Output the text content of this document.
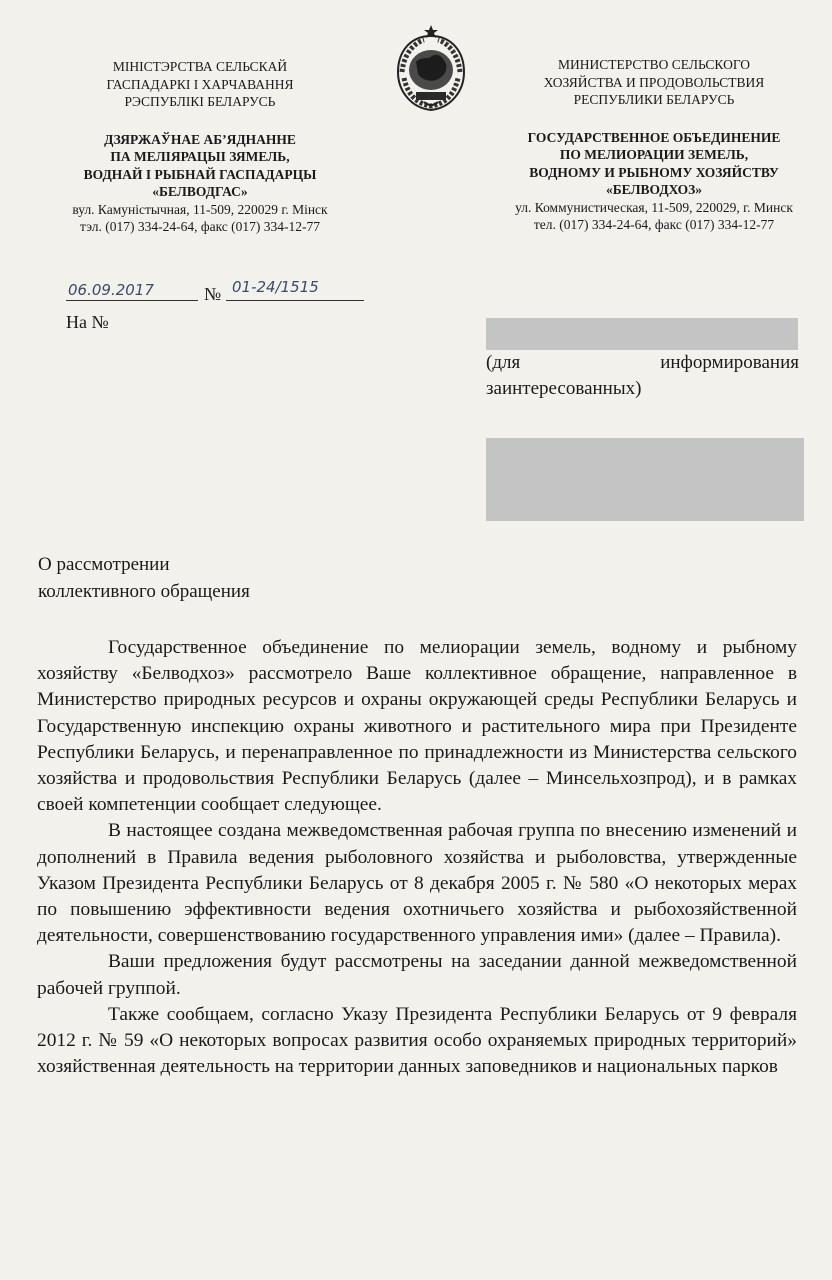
МІНІСТЭРСТВА СЕЛЬСКАЙ
ГАСПАДАРКІ І ХАРЧАВАННЯ
РЭСПУБЛІКІ БЕЛАРУСЬ
ДЗЯРЖАЎНАЕ АБ’ЯДНАННЕ
ПА МЕЛІЯРАЦЫІ ЗЯМЕЛЬ,
ВОДНАЙ І РЫБНАЙ ГАСПАДАРЦЫ
«БЕЛВОДГАС»
вул. Камуністычная, 11-509, 220029 г. Мінск
тэл. (017) 334-24-64, факс (017) 334-12-77
МИНИСТЕРСТВО СЕЛЬСКОГО
ХОЗЯЙСТВА И ПРОДОВОЛЬСТВИЯ
РЕСПУБЛИКИ БЕЛАРУСЬ
ГОСУДАРСТВЕННОЕ ОБЪЕДИНЕНИЕ
ПО МЕЛИОРАЦИИ ЗЕМЕЛЬ,
ВОДНОМУ И РЫБНОМУ ХОЗЯЙСТВУ
«БЕЛВОДХОЗ»
ул. Коммунистическая, 11-509, 220029, г. Минск
тел. (017) 334-24-64, факс (017) 334-12-77
06.09.2017	№ 01-24/1515
На №
(для	информирования
заинтересованных)
О рассмотрении
коллективного обращения

Государственное объединение по мелиорации земель, водному и рыбному хозяйству «Белводхоз» рассмотрело Ваше коллективное обращение, направленное в Министерство природных ресурсов и охраны окружающей среды Республики Беларусь и Государственную инспекцию охраны животного и растительного мира при Президенте Республики Беларусь, и перенаправленное по принадлежности из Министерства сельского хозяйства и продовольствия Республики Беларусь (далее – Минсельхозпрод), и в рамках своей компетенции сообщает следующее.

В настоящее создана межведомственная рабочая группа по внесению изменений и дополнений в Правила ведения рыболовного хозяйства и рыболовства, утвержденные Указом Президента Республики Беларусь от 8 декабря 2005 г. № 580 «О некоторых мерах по повышению эффективности ведения охотничьего хозяйства и рыбохозяйственной деятельности, совершенствованию государственного управления ими» (далее – Правила).

Ваши предложения будут рассмотрены на заседании данной межведомственной рабочей группой.

Также сообщаем, согласно Указу Президента Республики Беларусь от 9 февраля 2012 г. № 59 «О некоторых вопросах развития особо охраняемых природных территорий» хозяйственная деятельность на территории данных заповедников и национальных парков
